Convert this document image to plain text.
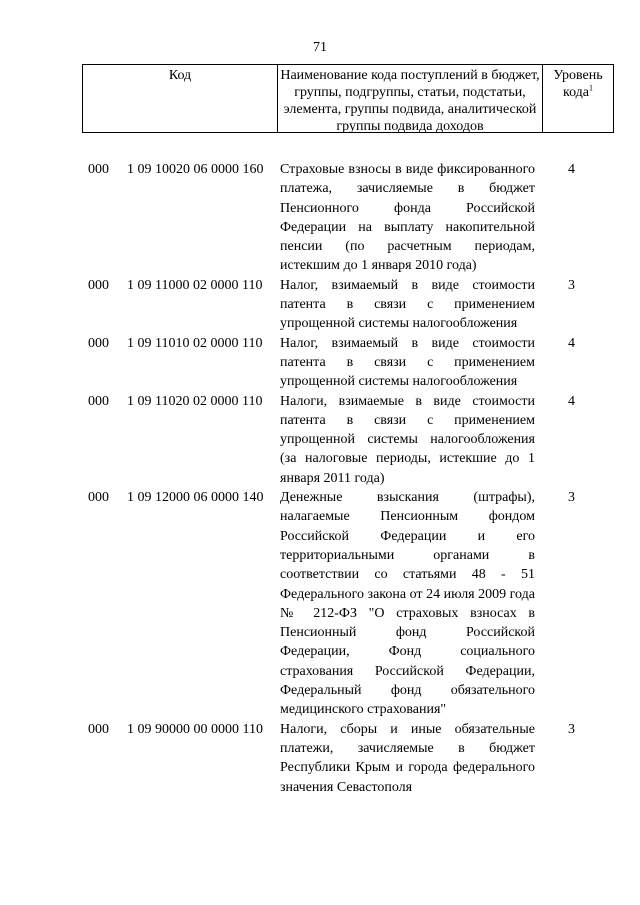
71
Код	Наименование кода поступлений в бюджет, группы, подгруппы, статьи, подстатьи, элемента, группы подвида, аналитической группы подвида доходов
Уровень кода$^1$
000 1 09 10020 06 0000 160 Страховые взносы в виде фиксированного платежа, зачисляемые в бюджет Пенсионного фонда Российской Федерации на выплату накопительной пенсии (по расчетным периодам, истекшим до 1 января 2010 года)
4
000 1 09 11000 02 0000 110 Налог, взимаемый в виде стоимости патента в связи с применением упрощенной системы налогообложения
3
000 1 09 11010 02 0000 110 Налог, взимаемый в виде стоимости патента в связи с применением упрощенной системы налогообложения
4
000 1 09 11020 02 0000 110 Налоги, взимаемые в виде стоимости патента в связи с применением упрощенной системы налогообложения (за налоговые периоды, истекшие до 1 января 2011 года)
4
000 1 09 12000 06 0000 140 Денежные взыскания (штрафы), налагаемые Пенсионным фондом Российской Федерации и его территориальными органами в соответствии со статьями 48 - 51 Федерального закона от 24 июля 2009 года № 212-ФЗ "О страховых взносах в Пенсионный фонд Российской Федерации, Фонд социального страхования Российской Федерации, Федеральный фонд обязательного медицинского страхования"
3
000 1 09 90000 00 0000 110 Налоги, сборы и иные обязательные платежи, зачисляемые в бюджет Республики Крым и города федерального значения Севастополя
3
